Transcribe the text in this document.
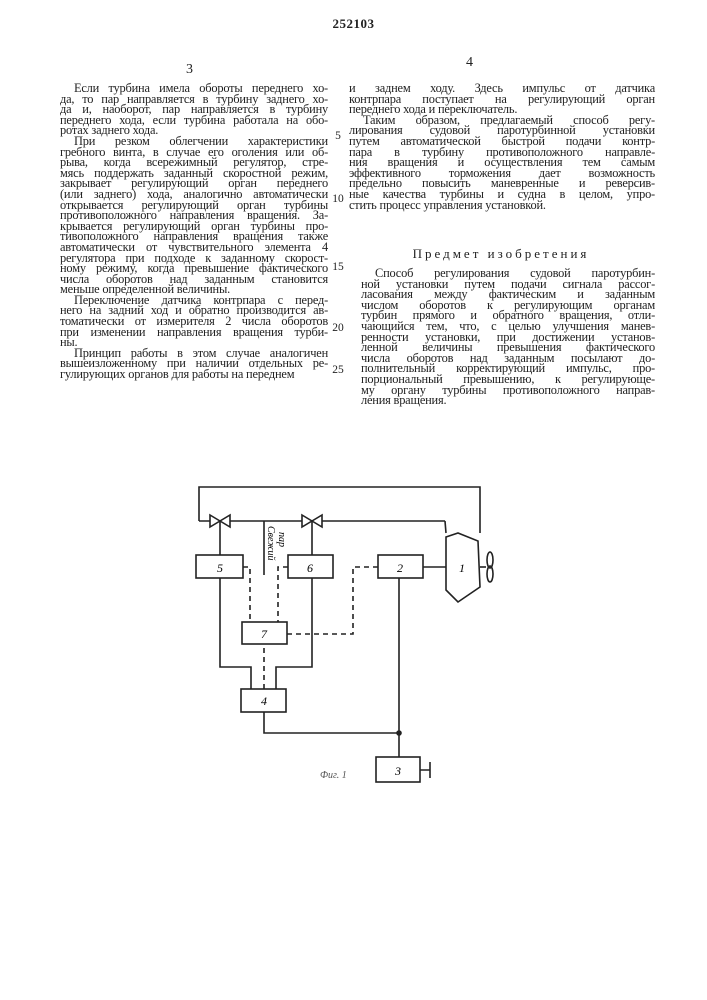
252103
3	4
Если турбина имела обороты переднего хо-
да, то пар направляется в турбину заднего хо-
да и, наоборот, пар направляется в турбину
переднего хода, если турбина работала на обо-
ротах заднего хода.
При резком облегчении характеристики
гребного винта, в случае его оголения или об-
рыва, когда всережимный регулятор, стре-
мясь поддержать заданный скоростной режим,
закрывает регулирующий орган переднего
(или заднего) хода, аналогично автоматически
открывается регулирующий орган турбины
противоположного направления вращения. За-
крывается регулирующий орган турбины про-
тивоположного направления вращения также
автоматически от чувствительного элемента 4
регулятора при подходе к заданному скорост-
ному режиму, когда превышение фактического
числа оборотов над заданным становится
меньше определенной величины.
Переключение датчика контрпара с перед-
него на задний ход и обратно производится ав-
томатически от измерителя 2 числа оборотов
при изменении направления вращения турби-
ны.
Принцип работы в этом случае аналогичен
вышеизложенному при наличии отдельных ре-
гулирующих органов для работы на переднем
и заднем ходу. Здесь импульс от датчика
контрпара поступает на регулирующий орган
переднего хода и переключатель.
Таким образом, предлагаемый способ регу-
лирования судовой паротурбинной установки
путем автоматической быстрой подачи контр-
пара в турбину противоположного направле-
ния вращения и осуществления тем самым
эффективного торможения дает возможность
предельно повысить маневренные и реверсив-
ные качества турбины и судна в целом, упро-
стить процесс управления установкой.
Предмет изобретения
Способ регулирования судовой паротурбин-
ной установки путем подачи сигнала рассог-
ласования между фактическим и заданным
числом оборотов к регулирующим органам
турбин прямого и обратного вращения, отли-
чающийся тем, что, с целью улучшения манев-
ренности установки, при достижении установ-
ленной величины превышения фактического
числа оборотов над заданным посылают до-
полнительный корректирующий импульс, про-
порциональный превышению, к регулирующе-
му органу турбины противоположного направ-
ления вращения.
5
10
15
20
25
5	6	2	1
7
4
3
Свежий пар
Фиг. 1
